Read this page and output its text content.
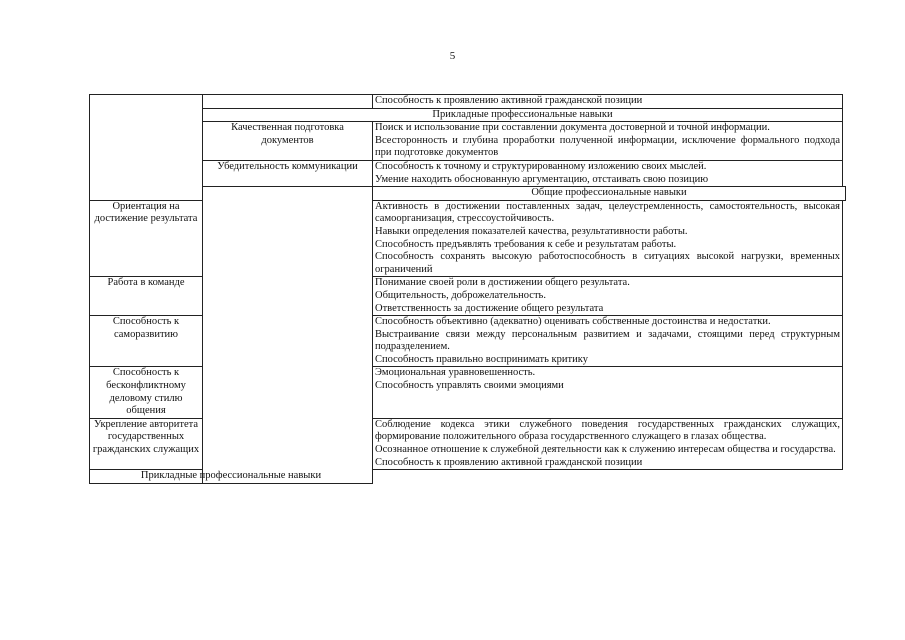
5
		Способность к проявлению активной гражданской позиции
	Прикладные профессиональные навыки	
	Качественная подготовка документов	Поиск и использование при составлении документа достоверной и точной информации.
Всесторонность и глубина проработки полученной информации, исключение формального подхода при подготовке документов

	Убедительность коммуникации	Способность к точному и структурированному изложению своих мыслей.
Умение находить обоснованную аргументацию, отстаивать свою позицию

		Общие профессиональные навыки
Ориентация на достижение результата		Активность в достижении поставленных задач, целеустремленность, самостоятельность, высокая самоорганизация, стрессоустойчивость.
Навыки определения показателей качества, результативности работы.
Способность предъявлять требования к себе и результатам работы.
Способность сохранять высокую работоспособность в ситуациях высокой нагрузки, временных ограничений

Работа в команде		Понимание своей роли в достижении общего результата.
Общительность, доброжелательность.
Ответственность за достижение общего результата

Способность к саморазвитию		Способность объективно (адекватно) оценивать собственные достоинства и недостатки.
Выстраивание связи между персональным развитием и задачами, стоящими перед структурным подразделением.
Способность правильно воспринимать критику

Способность к бесконфликтному деловому стилю общения		Эмоциональная уравновешенность.
Способность управлять своими эмоциями

Укрепление авторитета государственных гражданских служащих		Соблюдение кодекса этики служебного поведения государственных гражданских служащих, формирование положительного образа государственного служащего в глазах общества.
Осознанное отношение к служебной деятельности как к служению интересам общества и государства.
Способность к проявлению активной гражданской позиции

Прикладные профессиональные навыки		
